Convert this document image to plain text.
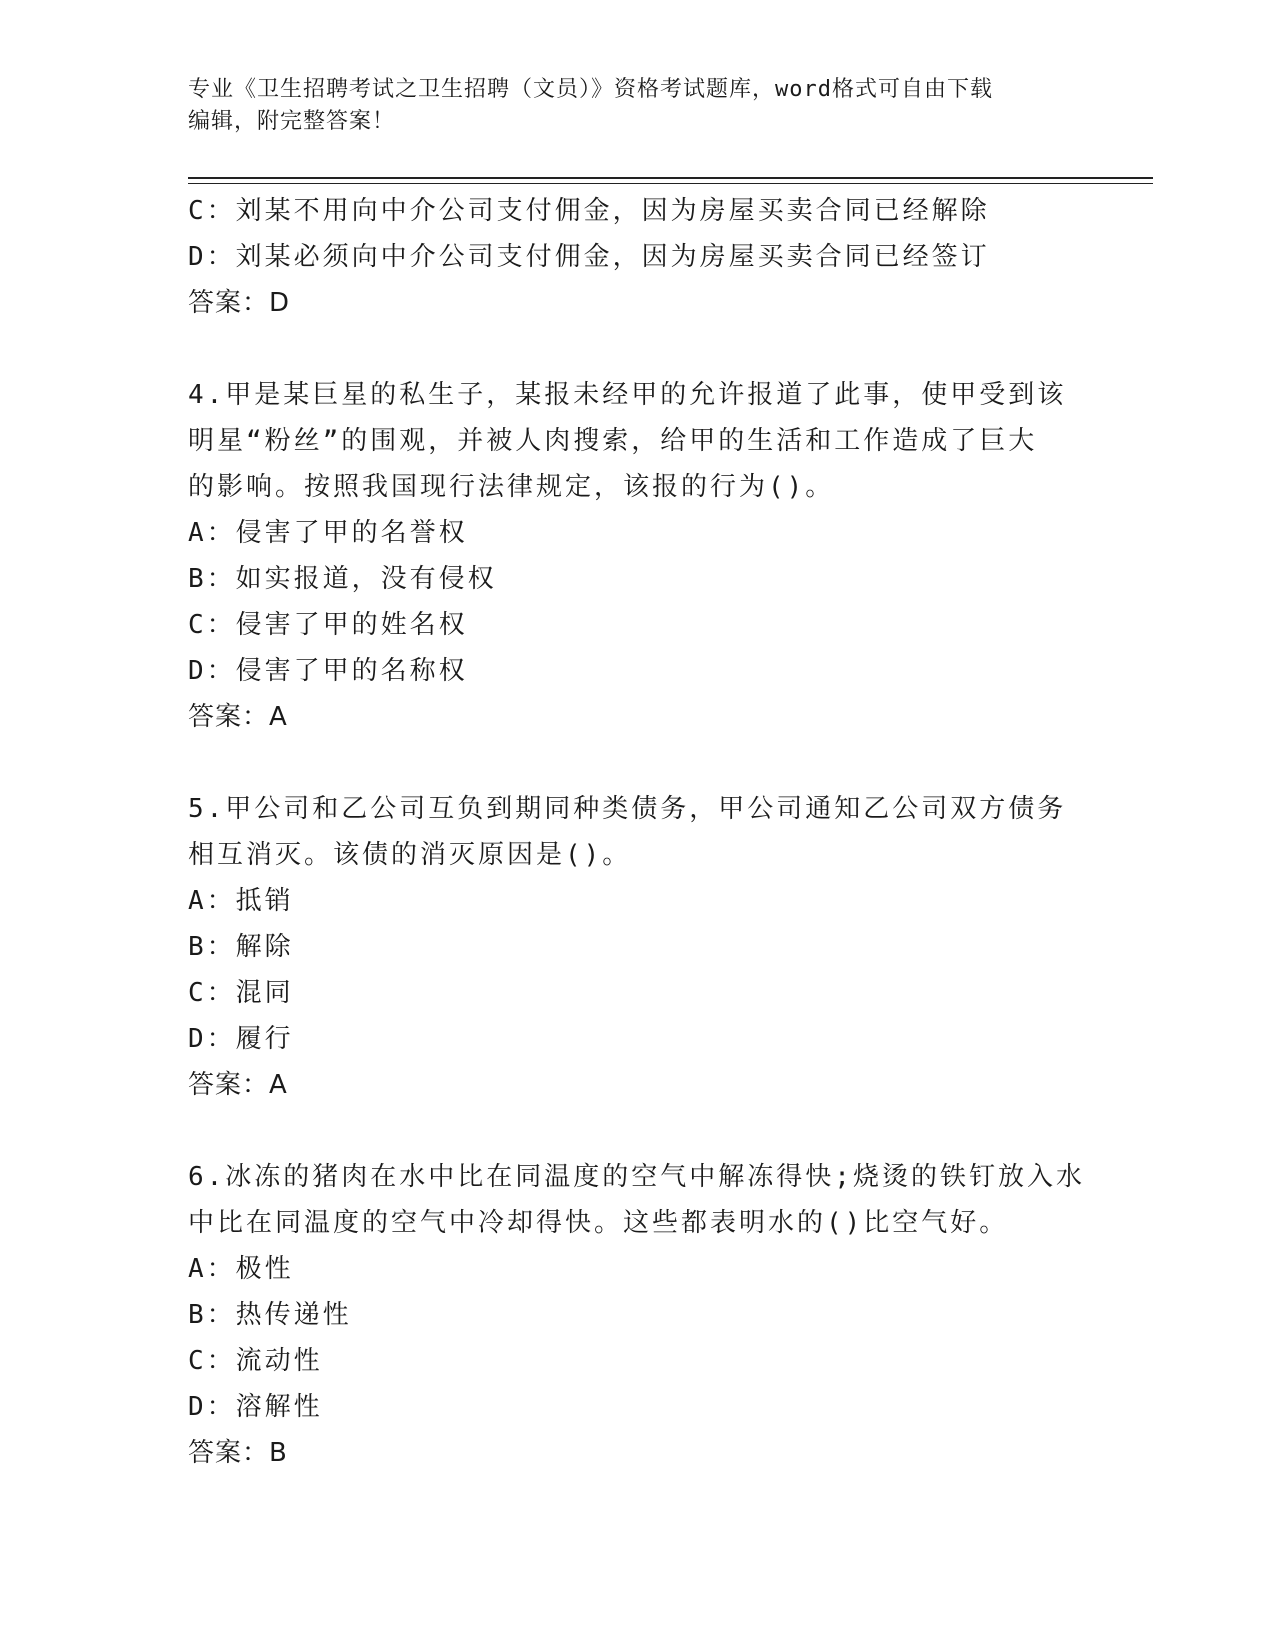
专业《卫生招聘考试之卫生招聘（文员）》资格考试题库，word格式可自由下载
编辑，附完整答案！
C：刘某不用向中介公司支付佣金，因为房屋买卖合同已经解除
D：刘某必须向中介公司支付佣金，因为房屋买卖合同已经签订
答案：D
4.甲是某巨星的私生子，某报未经甲的允许报道了此事，使甲受到该
明星“粉丝”的围观，并被人肉搜索，给甲的生活和工作造成了巨大
的影响。按照我国现行法律规定，该报的行为()。
A：侵害了甲的名誉权
B：如实报道，没有侵权
C：侵害了甲的姓名权
D：侵害了甲的名称权
答案：A
5.甲公司和乙公司互负到期同种类债务，甲公司通知乙公司双方债务
相互消灭。该债的消灭原因是()。
A：抵销
B：解除
C：混同
D：履行
答案：A
6.冰冻的猪肉在水中比在同温度的空气中解冻得快;烧烫的铁钉放入水
中比在同温度的空气中冷却得快。这些都表明水的()比空气好。
A：极性
B：热传递性
C：流动性
D：溶解性
答案：B
